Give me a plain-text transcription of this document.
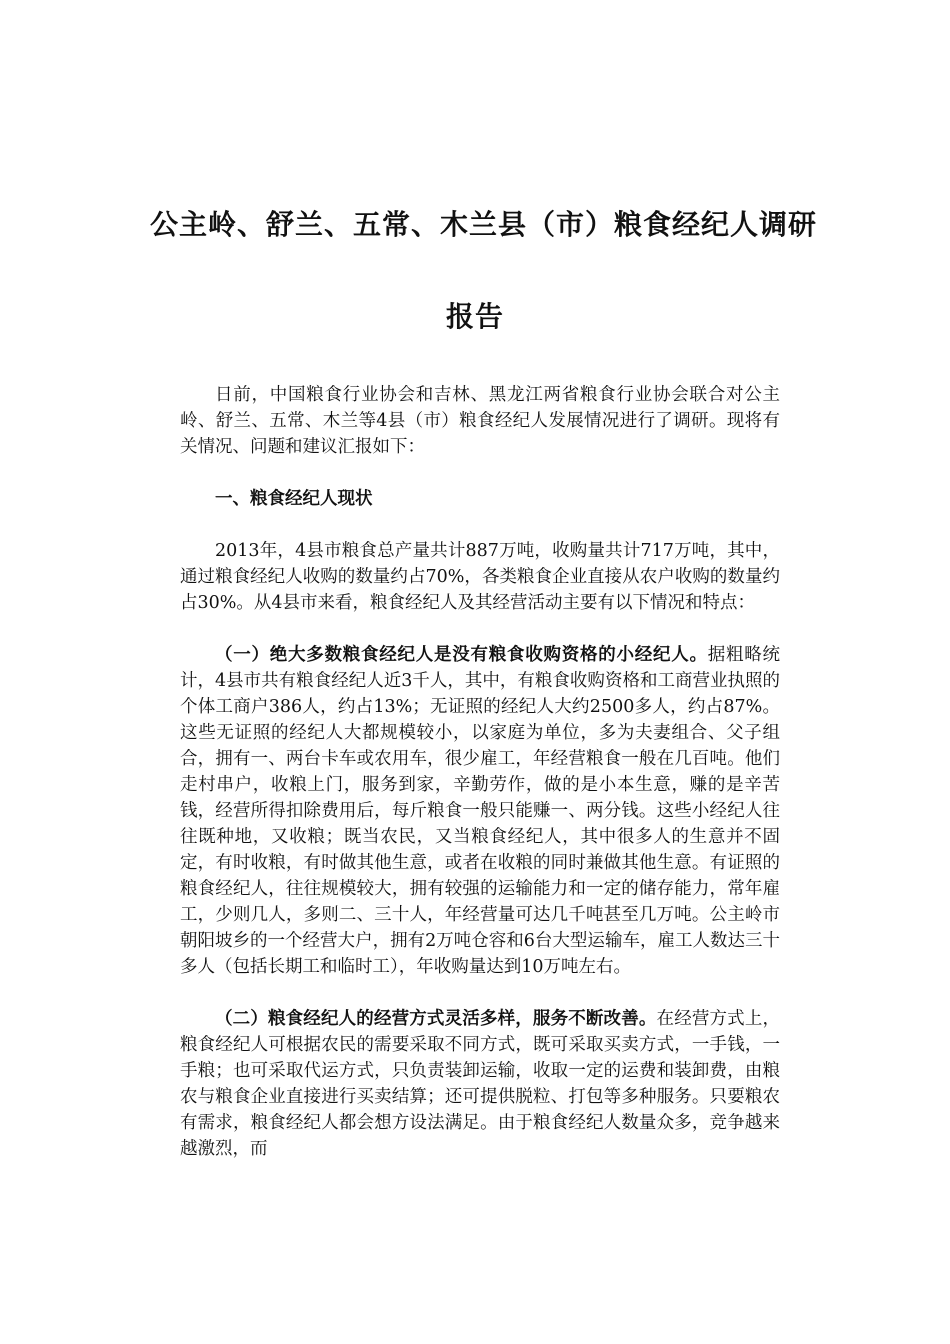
公主岭、舒兰、五常、木兰县（市）粮食经纪人调研
报告

日前，中国粮食行业协会和吉林、黑龙江两省粮食行业协会联合对公主岭、舒兰、五常、木兰等4县（市）粮食经纪人发展情况进行了调研。现将有关情况、问题和建议汇报如下：

一、粮食经纪人现状

2013年，4县市粮食总产量共计887万吨，收购量共计717万吨，其中，通过粮食经纪人收购的数量约占70%，各类粮食企业直接从农户收购的数量约占30%。从4县市来看，粮食经纪人及其经营活动主要有以下情况和特点：

（一）绝大多数粮食经纪人是没有粮食收购资格的小经纪人。据粗略统计，4县市共有粮食经纪人近3千人，其中，有粮食收购资格和工商营业执照的个体工商户386人，约占13%；无证照的经纪人大约2500多人，约占87%。这些无证照的经纪人大都规模较小，以家庭为单位，多为夫妻组合、父子组合，拥有一、两台卡车或农用车，很少雇工，年经营粮食一般在几百吨。他们走村串户，收粮上门，服务到家，辛勤劳作，做的是小本生意，赚的是辛苦钱，经营所得扣除费用后，每斤粮食一般只能赚一、两分钱。这些小经纪人往往既种地，又收粮；既当农民，又当粮食经纪人，其中很多人的生意并不固定，有时收粮，有时做其他生意，或者在收粮的同时兼做其他生意。有证照的粮食经纪人，往往规模较大，拥有较强的运输能力和一定的储存能力，常年雇工，少则几人，多则二、三十人，年经营量可达几千吨甚至几万吨。公主岭市朝阳坡乡的一个经营大户，拥有2万吨仓容和6台大型运输车，雇工人数达三十多人（包括长期工和临时工），年收购量达到10万吨左右。

（二）粮食经纪人的经营方式灵活多样，服务不断改善。在经营方式上，粮食经纪人可根据农民的需要采取不同方式，既可采取买卖方式，一手钱，一手粮；也可采取代运方式，只负责装卸运输，收取一定的运费和装卸费，由粮农与粮食企业直接进行买卖结算；还可提供脱粒、打包等多种服务。只要粮农有需求，粮食经纪人都会想方设法满足。由于粮食经纪人数量众多，竞争越来越激烈，而
